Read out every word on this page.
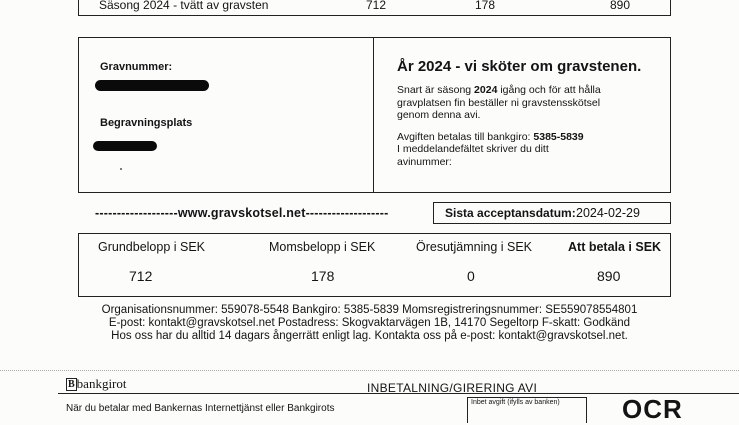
Säsong 2024 - tvätt av gravsten	712	178	890
Gravnummer:
Begravningsplats
År 2024 - vi sköter om gravstenen.
Snart är säsong 2024 igång och för att hålla
gravplatsen fin beställer ni gravstensskötsel
genom denna avi.
Avgiften betalas till bankgiro: 5385-5839
I meddelandefältet skriver du ditt
avinummer:
-------------------www.gravskotsel.net-------------------	Sista acceptansdatum: 2024-02-29
Grundbelopp i SEK	Momsbelopp i SEK	Öresutjämning i SEK	Att betala i SEK
712	178	0	890
Organisationsnummer: 559078-5548 Bankgiro: 5385-5839 Momsregistreringsnummer: SE559078554801
E-post: kontakt@gravskotsel.net Postadress: Skogvaktarvägen 1B, 14170 Segeltorp F-skatt: Godkänd
Hos oss har du alltid 14 dagars ångerrätt enligt lag. Kontakta oss på e-post: kontakt@gravskotsel.net.
B bankgirot	INBETALNING/GIRERING AVI
När du betalar med Bankernas Internettjänst eller Bankgirots
Inbet avgift (ifylls av banken) OCR
